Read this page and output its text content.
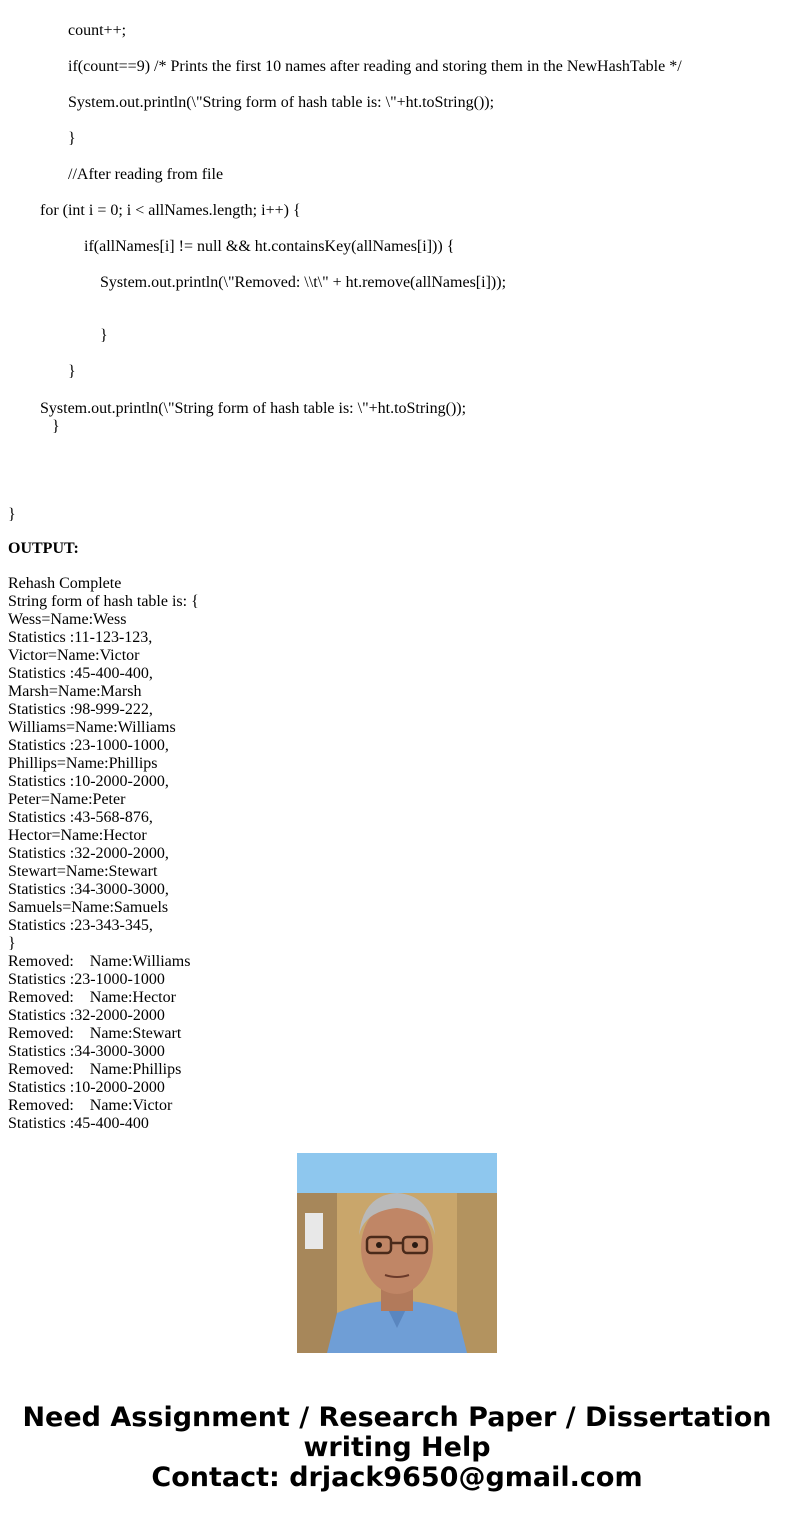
count++;
if(count==9) /* Prints the first 10 names after reading and storing them in the NewHashTable */
System.out.println(\"String form of hash table is: \"+ht.toString());
}
//After reading from file
for (int i = 0; i < allNames.length; i++) {
if(allNames[i] != null && ht.containsKey(allNames[i])) {
System.out.println(\"Removed: \\t\" + ht.remove(allNames[i]));
}
}
System.out.println(\"String form of hash table is: \"+ht.toString());
}
}
OUTPUT:
Rehash Complete
String form of hash table is: {
Wess=Name:Wess
Statistics :11-123-123,
Victor=Name:Victor
Statistics :45-400-400,
Marsh=Name:Marsh
Statistics :98-999-222,
Williams=Name:Williams
Statistics :23-1000-1000,
Phillips=Name:Phillips
Statistics :10-2000-2000,
Peter=Name:Peter
Statistics :43-568-876,
Hector=Name:Hector
Statistics :32-2000-2000,
Stewart=Name:Stewart
Statistics :34-3000-3000,
Samuels=Name:Samuels
Statistics :23-343-345,
}
Removed:    Name:Williams
Statistics :23-1000-1000
Removed:    Name:Hector
Statistics :32-2000-2000
Removed:    Name:Stewart
Statistics :34-3000-3000
Removed:    Name:Phillips
Statistics :10-2000-2000
Removed:    Name:Victor
Statistics :45-400-400
Need Assignment / Research Paper / Dissertation
writing Help
Contact: drjack9650@gmail.com
